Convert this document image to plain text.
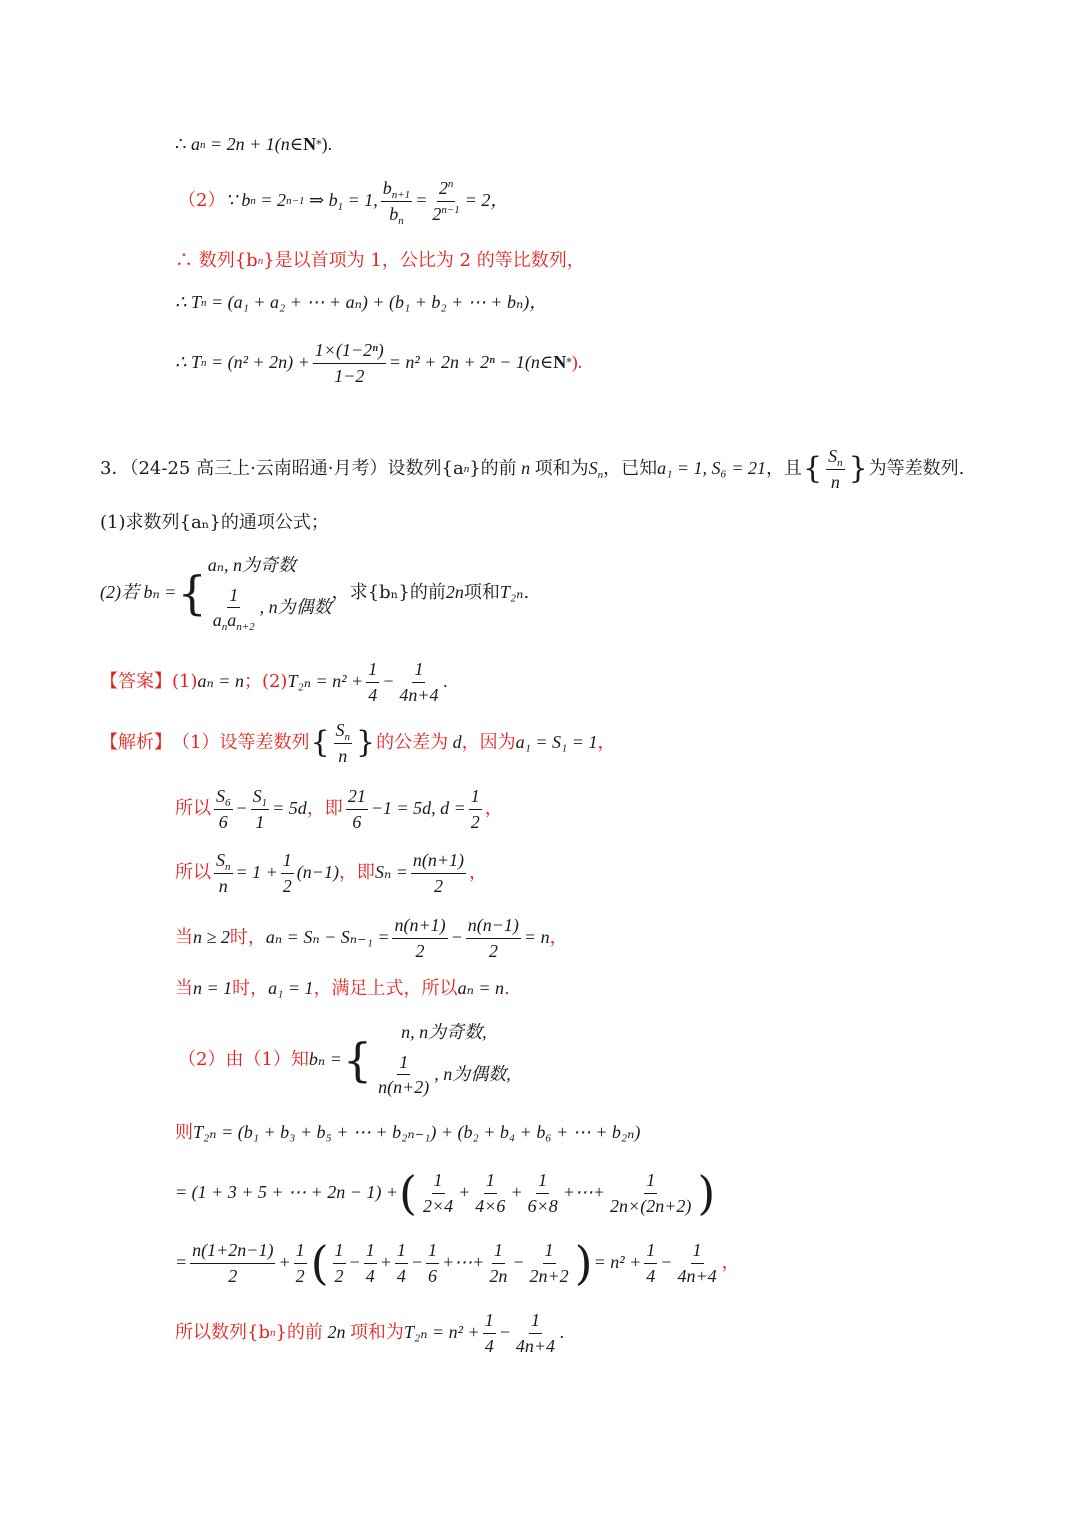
∴ a n
= 2n + 1(n∈ N * ).
（2） ∵ b n
= 2 n−1 ⇒ $b_1 = 1$, $\frac{b_{n+1}}{b_n} = \frac{2^n}{2^{n-1}} = 2$，
∴ 数列{b n }是以首项为 1，公比为 2 的等比数列，
∴ T n
= (a₁ + a₂ + ⋯ + aₙ) + (b₁ + b₂ + ⋯ + bₙ)，
∴ T n
= $(n^2 + 2n) + \frac{\text{1×(1−2ⁿ)}}{1-2} = n^2 + 2n + 2^n$ − 1(n∈ N * ).
3．（24-25 高三上·云南昭通·月考）设数列{a n }的前 n 项和为 $S_n$ ，已知 a₁ = 1, S₆ = 21 ，且 { $\frac{S_n}{n}$ } 为等差数列.
(1)求数列{aₙ}的通项公式；
(2)若 bₙ = {
aₙ, n为奇数
$\frac{1}{a_na_{n+2}}$ , n为偶数
，求{bₙ}的前 2n 项和 T₂ₙ .
【答案】 (1) aₙ = n ； (2) $T_{2n} = n^2 + \frac{1}{4} - \frac{1}{4n+4}$ .
【解析】 （1）设等差数列 { $\frac{S_n}{n}$ } 的公差为 d ，因为 a₁ = S₁ = 1 ，
所以 $\frac{S_6}{6} - \frac{S_1}{1} = 5d$ ，即 $\frac{21}{6} -1 = 5d$, $d = \frac{1}{2}$ ，
所以 $\frac{S_n}{n} = 1 + \frac{1}{2} (n-1)$ ，即 $S_n = \frac{n(n+1)}{2}$ ，
当 n ≥ 2 时， $a_n = S_n - S_{n-1} = \frac{n(n+1)}{2} - \frac{n(n-1)}{2} = n$ ，
当 n = 1 时， a₁ = 1 ，满足上式，所以 aₙ = n .
（2）由（1）知 bₙ = {
n, n为奇数,
$\frac{1}{n(n+2)}$ , n为偶数,
则 T₂ₙ = (b₁ + b₃ + b₅ + ⋯ + b₂ₙ₋₁) + (b₂ + b₄ + b₆ + ⋯ + b₂ₙ)
= (1 + 3 + 5 + ⋯ + 2n − 1) + ( $\frac{1}{2\times 4} + \frac{1}{4\times 6} + \frac{1}{6\times 8}$ +⋯+ $\frac{1}{2n\times(2n+2)}$ )
= $\frac{n(1+2n-1)}{2} + \frac{1}{2}$ ( $\frac{1}{2} - \frac{1}{4} + \frac{1}{4} - \frac{1}{6}$ +⋯+ $\frac{1}{2n} - \frac{1}{2n+2}$ ) = $n^2 + \frac{1}{4} - \frac{1}{4n+4}$ ，
所以数列{b n }的前 2n 项和为 $T_{2n} = n^2 + \frac{1}{4} - \frac{1}{4n+4}$ .
